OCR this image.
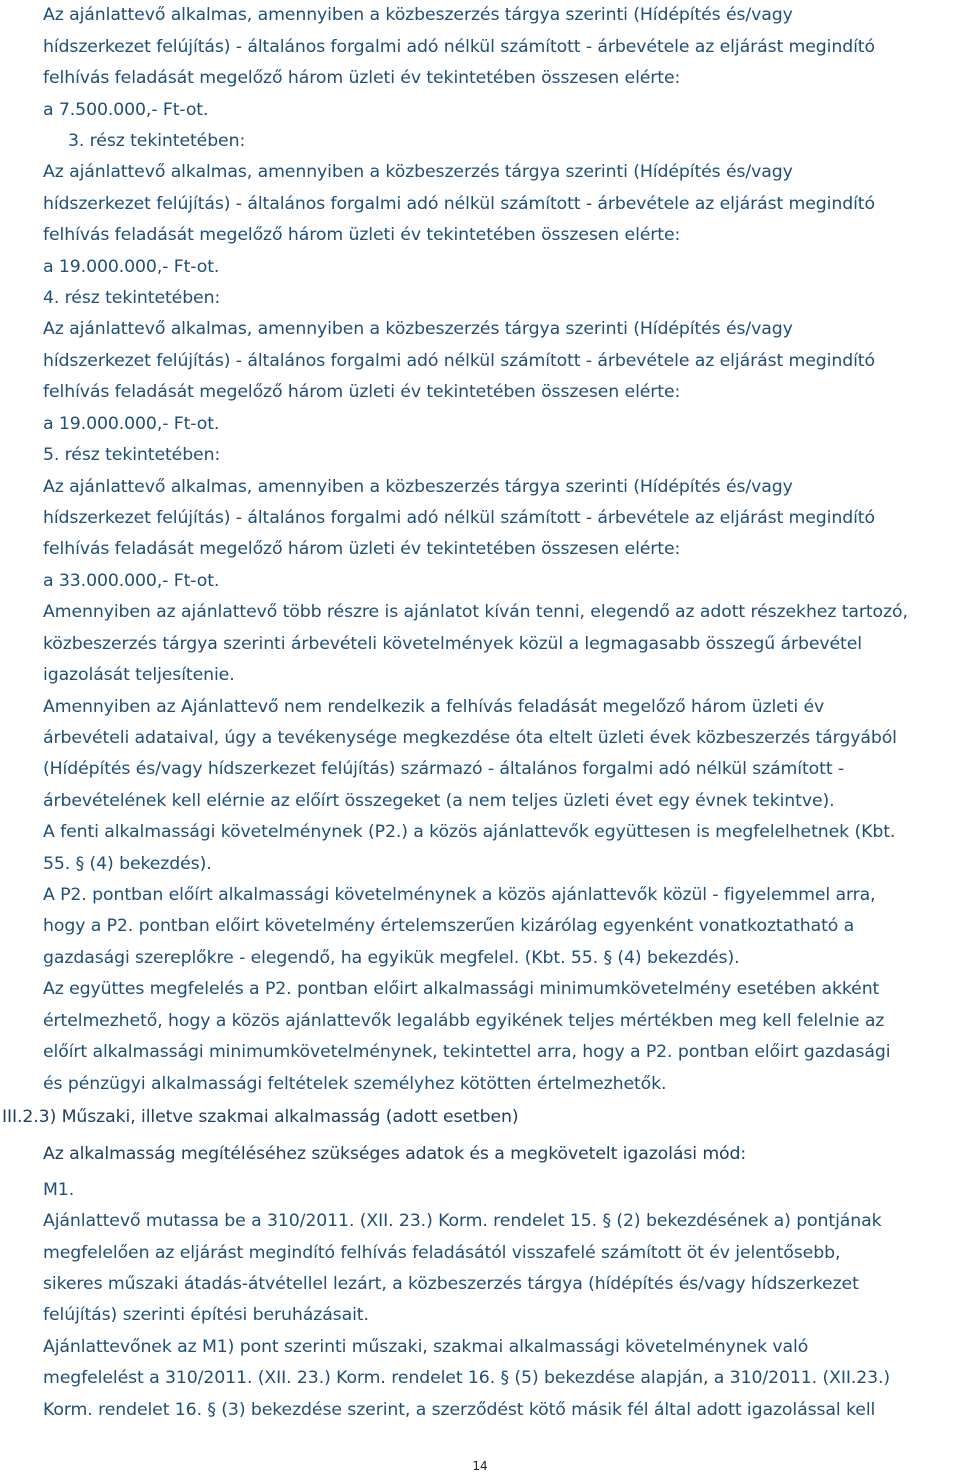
Az ajánlattevő alkalmas, amennyiben a közbeszerzés tárgya szerinti (Hídépítés és/vagy
hídszerkezet felújítás) - általános forgalmi adó nélkül számított - árbevétele az eljárást megindító
felhívás feladását megelőző három üzleti év tekintetében összesen elérte:
a 7.500.000,- Ft-ot.
3. rész tekintetében:
Az ajánlattevő alkalmas, amennyiben a közbeszerzés tárgya szerinti (Hídépítés és/vagy
hídszerkezet felújítás) - általános forgalmi adó nélkül számított - árbevétele az eljárást megindító
felhívás feladását megelőző három üzleti év tekintetében összesen elérte:
a 19.000.000,- Ft-ot.
4. rész tekintetében:
Az ajánlattevő alkalmas, amennyiben a közbeszerzés tárgya szerinti (Hídépítés és/vagy
hídszerkezet felújítás) - általános forgalmi adó nélkül számított - árbevétele az eljárást megindító
felhívás feladását megelőző három üzleti év tekintetében összesen elérte:
a 19.000.000,- Ft-ot.
5. rész tekintetében:
Az ajánlattevő alkalmas, amennyiben a közbeszerzés tárgya szerinti (Hídépítés és/vagy
hídszerkezet felújítás) - általános forgalmi adó nélkül számított - árbevétele az eljárást megindító
felhívás feladását megelőző három üzleti év tekintetében összesen elérte:
a 33.000.000,- Ft-ot.
Amennyiben az ajánlattevő több részre is ajánlatot kíván tenni, elegendő az adott részekhez tartozó,
közbeszerzés tárgya szerinti árbevételi követelmények közül a legmagasabb összegű árbevétel
igazolását teljesítenie.
Amennyiben az Ajánlattevő nem rendelkezik a felhívás feladását megelőző három üzleti év
árbevételi adataival, úgy a tevékenysége megkezdése óta eltelt üzleti évek közbeszerzés tárgyából
(Hídépítés és/vagy hídszerkezet felújítás) származó - általános forgalmi adó nélkül számított -
árbevételének kell elérnie az előírt összegeket (a nem teljes üzleti évet egy évnek tekintve).
A fenti alkalmassági követelménynek (P2.) a közös ajánlattevők együttesen is megfelelhetnek (Kbt.
55. § (4) bekezdés).
A P2. pontban előírt alkalmassági követelménynek a közös ajánlattevők közül - figyelemmel arra,
hogy a P2. pontban előirt követelmény értelemszerűen kizárólag egyenként vonatkoztatható a
gazdasági szereplőkre - elegendő, ha egyikük megfelel. (Kbt. 55. § (4) bekezdés).
Az együttes megfelelés a P2. pontban előirt alkalmassági minimumkövetelmény esetében akként
értelmezhető, hogy a közös ajánlattevők legalább egyikének teljes mértékben meg kell felelnie az
előírt alkalmassági minimumkövetelménynek, tekintettel arra, hogy a P2. pontban előirt gazdasági
és pénzügyi alkalmassági feltételek személyhez kötötten értelmezhetők.
III.2.3) Műszaki, illetve szakmai alkalmasság (adott esetben)
Az alkalmasság megítéléséhez szükséges adatok és a megkövetelt igazolási mód:
M1.
Ajánlattevő mutassa be a 310/2011. (XII. 23.) Korm. rendelet 15. § (2) bekezdésének a) pontjának
megfelelően az eljárást megindító felhívás feladásától visszafelé számított öt év jelentősebb,
sikeres műszaki átadás-átvétellel lezárt, a közbeszerzés tárgya (hídépítés és/vagy hídszerkezet
felújítás) szerinti építési beruházásait.
Ajánlattevőnek az M1) pont szerinti műszaki, szakmai alkalmassági követelménynek való
megfelelést a 310/2011. (XII. 23.) Korm. rendelet 16. § (5) bekezdése alapján, a 310/2011. (XII.23.)
Korm. rendelet 16. § (3) bekezdése szerint, a szerződést kötő másik fél által adott igazolással kell
14
